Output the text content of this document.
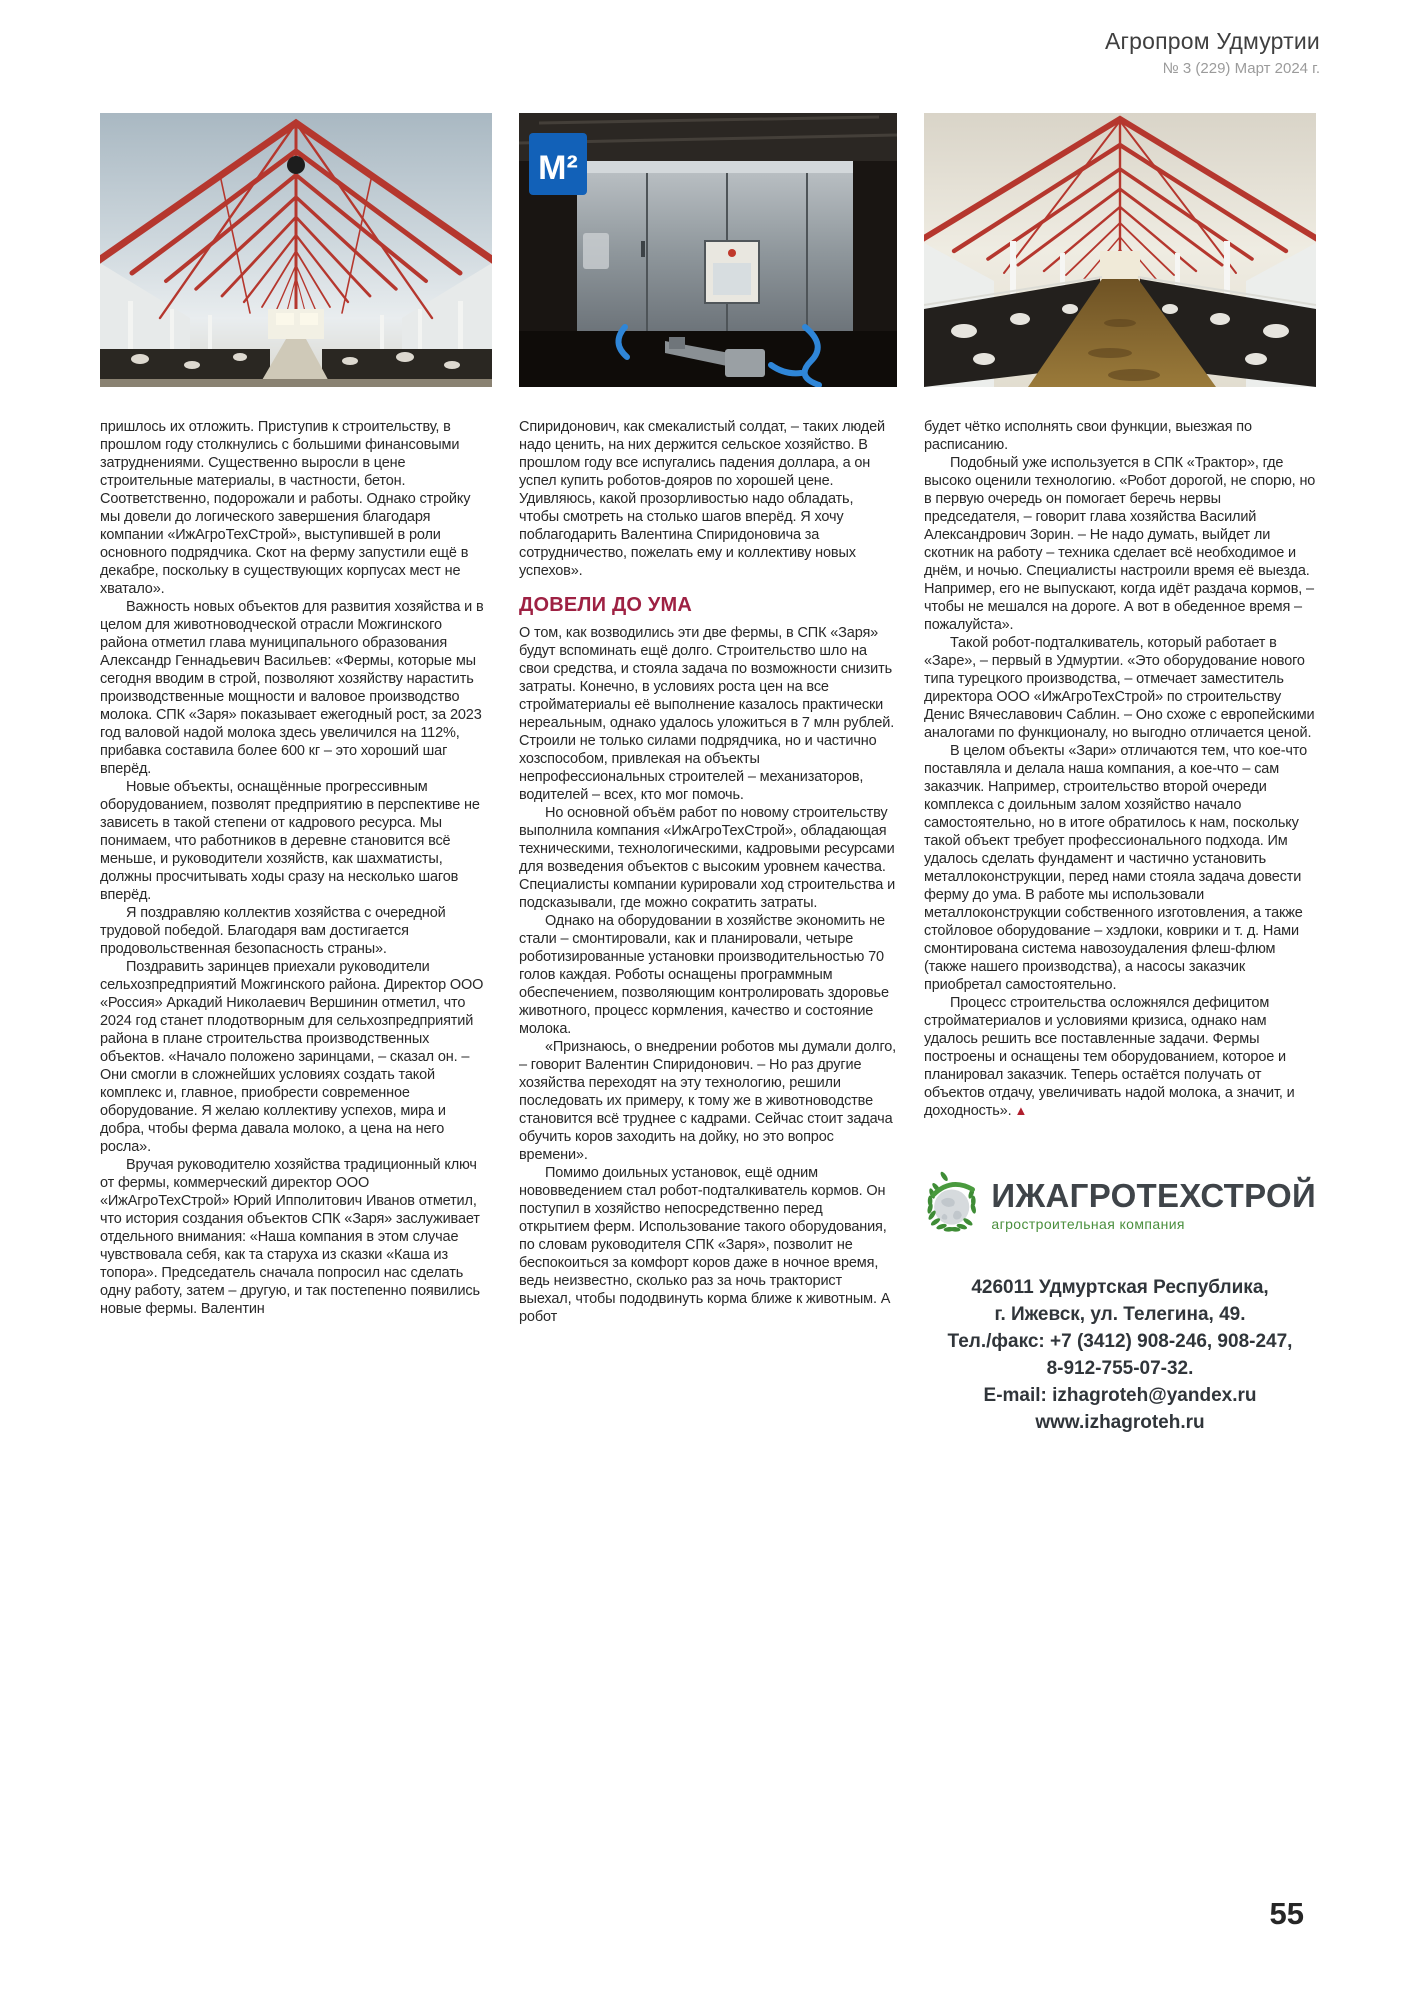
Агропром Удмуртии
№ 3 (229) Март 2024 г.
M²

пришлось их отложить. Приступив к строительству, в прошлом году столкнулись с большими финансовыми затруднениями. Существенно выросли в цене строительные материалы, в частности, бетон. Соответственно, подорожали и работы. Однако стройку мы довели до логического завершения благодаря компании «ИжАгроТехСтрой», выступившей в роли основного подрядчика. Скот на ферму запустили ещё в декабре, поскольку в существующих корпусах мест не хватало».

Важность новых объектов для развития хозяйства и в целом для животноводческой отрасли Можгинского района отметил глава муниципального образования Александр Геннадьевич Васильев: «Фермы, которые мы сегодня вводим в строй, позволяют хозяйству нарастить производственные мощности и валовое производство молока. СПК «Заря» показывает ежегодный рост, за 2023 год валовой надой молока здесь увеличился на 112%, прибавка составила более 600 кг – это хороший шаг вперёд.

Новые объекты, оснащённые прогрессивным оборудованием, позволят предприятию в перспективе не зависеть в такой степени от кадрового ресурса. Мы понимаем, что работников в деревне становится всё меньше, и руководители хозяйств, как шахматисты, должны просчитывать ходы сразу на несколько шагов вперёд.

Я поздравляю коллектив хозяйства с очередной трудовой победой. Благодаря вам достигается продовольственная безопасность страны».

Поздравить заринцев приехали руководители сельхозпредприятий Можгинского района. Директор ООО «Россия» Аркадий Николаевич Вершинин отметил, что 2024 год станет плодотворным для сельхозпредприятий района в плане строительства производственных объектов. «Начало положено заринцами, – сказал он. – Они смогли в сложнейших условиях создать такой комплекс и, главное, приобрести современное оборудование. Я желаю коллективу успехов, мира и добра, чтобы ферма давала молоко, а цена на него росла».

Вручая руководителю хозяйства традиционный ключ от фермы, коммерческий директор ООО «ИжАгроТехСтрой» Юрий Ипполитович Иванов отметил, что история создания объектов СПК «Заря» заслуживает отдельного внимания: «Наша компания в этом случае чувствовала себя, как та старуха из сказки «Каша из топора». Председатель сначала попросил нас сделать одну работу, затем – другую, и так постепенно появились новые фермы. Валентин

Спиридонович, как смекалистый солдат, – таких людей надо ценить, на них держится сельское хозяйство. В прошлом году все испугались падения доллара, а он успел купить роботов-дояров по хорошей цене. Удивляюсь, какой прозорливостью надо обладать, чтобы смотреть на столько шагов вперёд. Я хочу поблагодарить Валентина Спиридоновича за сотрудничество, пожелать ему и коллективу новых успехов».

ДОВЕЛИ ДО УМА

О том, как возводились эти две фермы, в СПК «Заря» будут вспоминать ещё долго. Строительство шло на свои средства, и стояла задача по возможности снизить затраты. Конечно, в условиях роста цен на все стройматериалы её выполнение казалось практически нереальным, однако удалось уложиться в 7 млн рублей. Строили не только силами подрядчика, но и частично хозспособом, привлекая на объекты непрофессиональных строителей – механизаторов, водителей – всех, кто мог помочь.

Но основной объём работ по новому строительству выполнила компания «ИжАгроТехСтрой», обладающая техническими, технологическими, кадровыми ресурсами для возведения объектов с высоким уровнем качества. Специалисты компании курировали ход строительства и подсказывали, где можно сократить затраты.

Однако на оборудовании в хозяйстве экономить не стали – смонтировали, как и планировали, четыре роботизированные установки производительностью 70 голов каждая. Роботы оснащены программным обеспечением, позволяющим контролировать здоровье животного, процесс кормления, качество и состояние молока.

«Признаюсь, о внедрении роботов мы думали долго, – говорит Валентин Спиридонович. – Но раз другие хозяйства переходят на эту технологию, решили последовать их примеру, к тому же в животноводстве становится всё труднее с кадрами. Сейчас стоит задача обучить коров заходить на дойку, но это вопрос времени».

Помимо доильных установок, ещё одним нововведением стал робот-подталкиватель кормов. Он поступил в хозяйство непосредственно перед открытием ферм. Использование такого оборудования, по словам руководителя СПК «Заря», позволит не беспокоиться за комфорт коров даже в ночное время, ведь неизвестно, сколько раз за ночь тракторист выехал, чтобы пододвинуть корма ближе к животным. А робот

будет чётко исполнять свои функции, выезжая по расписанию.

Подобный уже используется в СПК «Трактор», где высоко оценили технологию. «Робот дорогой, не спорю, но в первую очередь он помогает беречь нервы председателя, – говорит глава хозяйства Василий Александрович Зорин. – Не надо думать, выйдет ли скотник на работу – техника сделает всё необходимое и днём, и ночью. Специалисты настроили время её выезда. Например, его не выпускают, когда идёт раздача кормов, – чтобы не мешался на дороге. А вот в обеденное время – пожалуйста».

Такой робот-подталкиватель, который работает в «Заре», – первый в Удмуртии. «Это оборудование нового типа турецкого производства, – отмечает заместитель директора ООО «ИжАгроТехСтрой» по строительству Денис Вячеславович Саблин. – Оно схоже с европейскими аналогами по функционалу, но выгодно отличается ценой.

В целом объекты «Зари» отличаются тем, что кое-что поставляла и делала наша компания, а кое-что – сам заказчик. Например, строительство второй очереди комплекса с доильным залом хозяйство начало самостоятельно, но в итоге обратилось к нам, поскольку такой объект требует профессионального подхода. Им удалось сделать фундамент и частично установить металлоконструкции, перед нами стояла задача довести ферму до ума. В работе мы использовали металлоконструкции собственного изготовления, а также стойловое оборудование – хэдлоки, коврики и т. д. Нами смонтирована система навозоудаления флеш-флюм (также нашего производства), а насосы заказчик приобретал самостоятельно.

Процесс строительства осложнялся дефицитом стройматериалов и условиями кризиса, однако нам удалось решить все поставленные задачи. Фермы построены и оснащены тем оборудованием, которое и планировал заказчик. Теперь остаётся получать от объектов отдачу, увеличивать надой молока, а значит, и доходность». ▲

ИЖАГРОТЕХСТРОЙ
агростроительная компания
426011 Удмуртская Республика,
г. Ижевск, ул. Телегина, 49.
Тел./факс: +7 (3412) 908-246, 908-247,
8-912-755-07-32.
E-mail: izhagroteh@yandex.ru
www.izhagroteh.ru
55
